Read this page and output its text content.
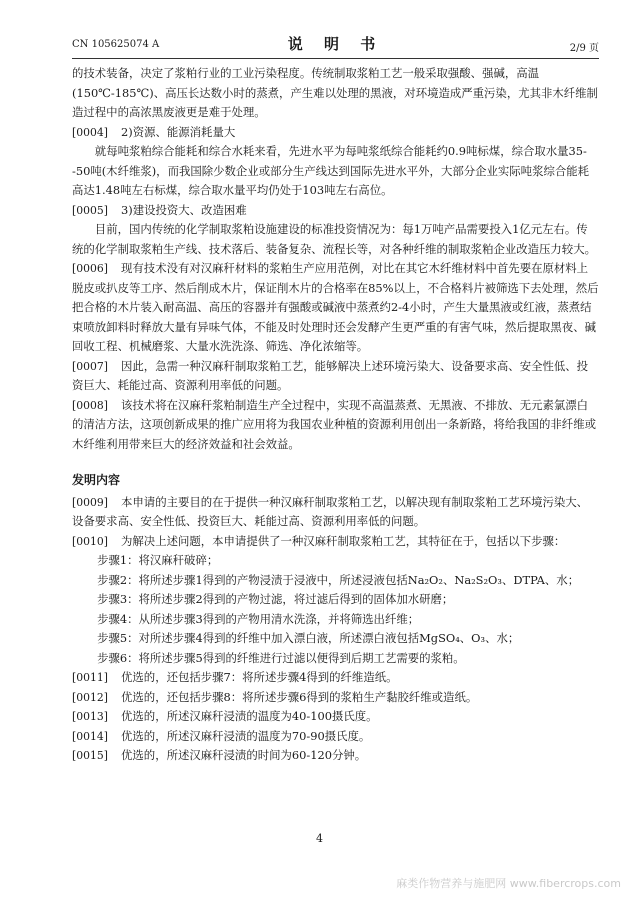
CN 105625074 A	说 明 书	2/9 页

的技术装备，决定了浆粕行业的工业污染程度。传统制取浆粕工艺一般采取强酸、强碱，高温(150℃-185℃)、高压长达数小时的蒸煮，产生难以处理的黑液，对环境造成严重污染，尤其非木纤维制造过程中的高浓黑废液更是难于处理。

[0004]	2)资源、能源消耗量大

就每吨浆粕综合能耗和综合水耗来看，先进水平为每吨浆纸综合能耗约0.9吨标煤，综合取水量35--50吨(木纤维浆)，而我国除少数企业或部分生产线达到国际先进水平外，大部分企业实际吨浆综合能耗高达1.48吨左右标煤，综合取水量平均仍处于103吨左右高位。

[0005]	3)建设投资大、改造困难

目前，国内传统的化学制取浆粕设施建设的标准投资情况为：每1万吨产品需要投入1亿元左右。传统的化学制取浆粕生产线、技术落后、装备复杂、流程长等，对各种纤维的制取浆粕企业改造压力较大。

[0006]	现有技术没有对汉麻秆材料的浆粕生产应用范例，对比在其它木纤维材料中首先要在原材料上脱皮或扒皮等工序、然后削成木片，保证削木片的合格率在85%以上，不合格料片被筛选下去处理，然后把合格的木片装入耐高温、高压的容器并有强酸或碱液中蒸煮约2-4小时，产生大量黑液或红液，蒸煮结束喷放卸料时释放大量有异味气体，不能及时处理时还会发酵产生更严重的有害气味，然后提取黑夜、碱回收工程、机械磨浆、大量水洗洗涤、筛选、净化浓缩等。

[0007]	因此，急需一种汉麻秆制取浆粕工艺，能够解决上述环境污染大、设备要求高、安全性低、投资巨大、耗能过高、资源利用率低的问题。

[0008]	该技术将在汉麻秆浆粕制造生产全过程中，实现不高温蒸煮、无黑液、不排放、无元素氯漂白的清洁方法，这项创新成果的推广应用将为我国农业种植的资源利用创出一条新路，将给我国的非纤维或木纤维利用带来巨大的经济效益和社会效益。

发明内容
[0009]	本申请的主要目的在于提供一种汉麻秆制取浆粕工艺，以解决现有制取浆粕工艺环境污染大、设备要求高、安全性低、投资巨大、耗能过高、资源利用率低的问题。

[0010]	为解决上述问题，本申请提供了一种汉麻秆制取浆粕工艺，其特征在于，包括以下步骤：

步骤1：将汉麻秆破碎；

步骤2：将所述步骤1得到的产物浸渍于浸液中，所述浸液包括Na₂O₂、Na₂S₂O₃、DTPA、水；

步骤3：将所述步骤2得到的产物过滤，将过滤后得到的固体加水研磨；

步骤4：从所述步骤3得到的产物用清水洗涤，并将筛选出纤维；

步骤5：对所述步骤4得到的纤维中加入漂白液，所述漂白液包括MgSO₄、O₃、水；

步骤6：将所述步骤5得到的纤维进行过滤以便得到后期工艺需要的浆粕。

[0011]	优选的，还包括步骤7：将所述步骤4得到的纤维造纸。

[0012]	优选的，还包括步骤8：将所述步骤6得到的浆粕生产黏胶纤维或造纸。

[0013]	优选的，所述汉麻秆浸渍的温度为40-100摄氏度。

[0014]	优选的，所述汉麻秆浸渍的温度为70-90摄氏度。

[0015]	优选的，所述汉麻秆浸渍的时间为60-120分钟。

4
麻类作物营养与施肥网 www.fibercrops.com
